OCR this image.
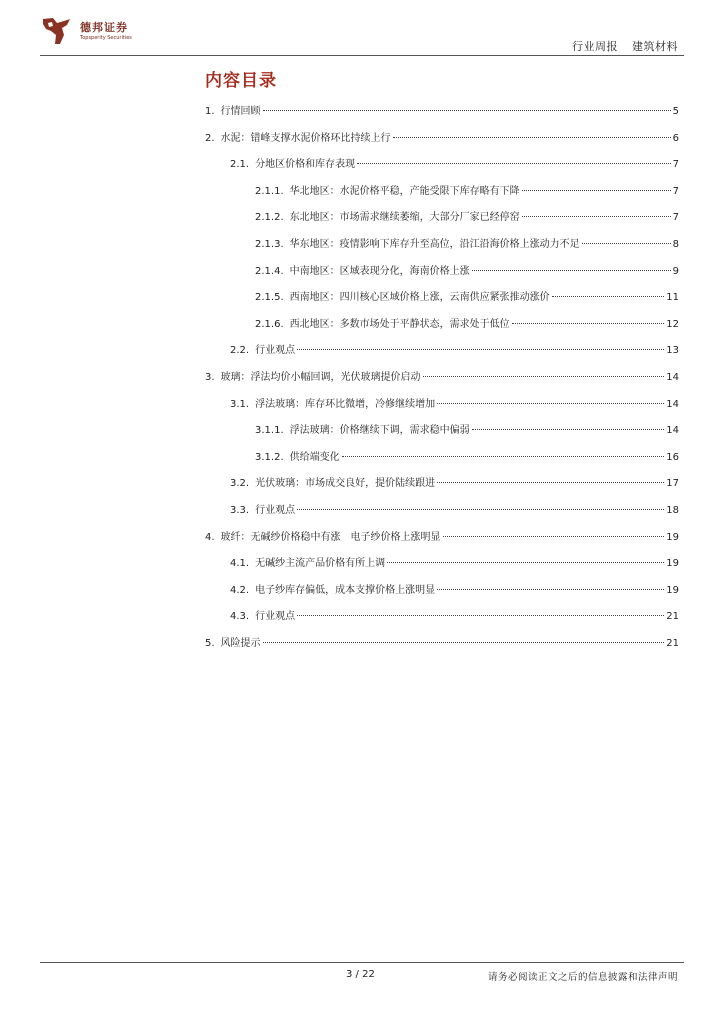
德邦证券
Topsperity Securities
行业周报 建筑材料
内容目录
1. 行情回顾	5
2. 水泥：错峰支撑水泥价格环比持续上行	6
2.1. 分地区价格和库存表现	7
2.1.1. 华北地区：水泥价格平稳，产能受限下库存略有下降	7
2.1.2. 东北地区：市场需求继续萎缩，大部分厂家已经停窑	7
2.1.3. 华东地区：疫情影响下库存升至高位，沿江沿海价格上涨动力不足	8
2.1.4. 中南地区：区域表现分化，海南价格上涨	9
2.1.5. 西南地区：四川核心区域价格上涨，云南供应紧张推动涨价	11
2.1.6. 西北地区：多数市场处于平静状态，需求处于低位	12
2.2. 行业观点	13
3. 玻璃：浮法均价小幅回调，光伏玻璃提价启动	14
3.1. 浮法玻璃：库存环比微增，冷修继续增加	14
3.1.1. 浮法玻璃：价格继续下调，需求稳中偏弱	14
3.1.2. 供给端变化	16
3.2. 光伏玻璃：市场成交良好，提价陆续跟进	17
3.3. 行业观点	18
4. 玻纤：无碱纱价格稳中有涨　电子纱价格上涨明显	19
4.1. 无碱纱主流产品价格有所上调	19
4.2. 电子纱库存偏低，成本支撑价格上涨明显	19
4.3. 行业观点	21
5. 风险提示	21
3 / 22	请务必阅读正文之后的信息披露和法律声明
